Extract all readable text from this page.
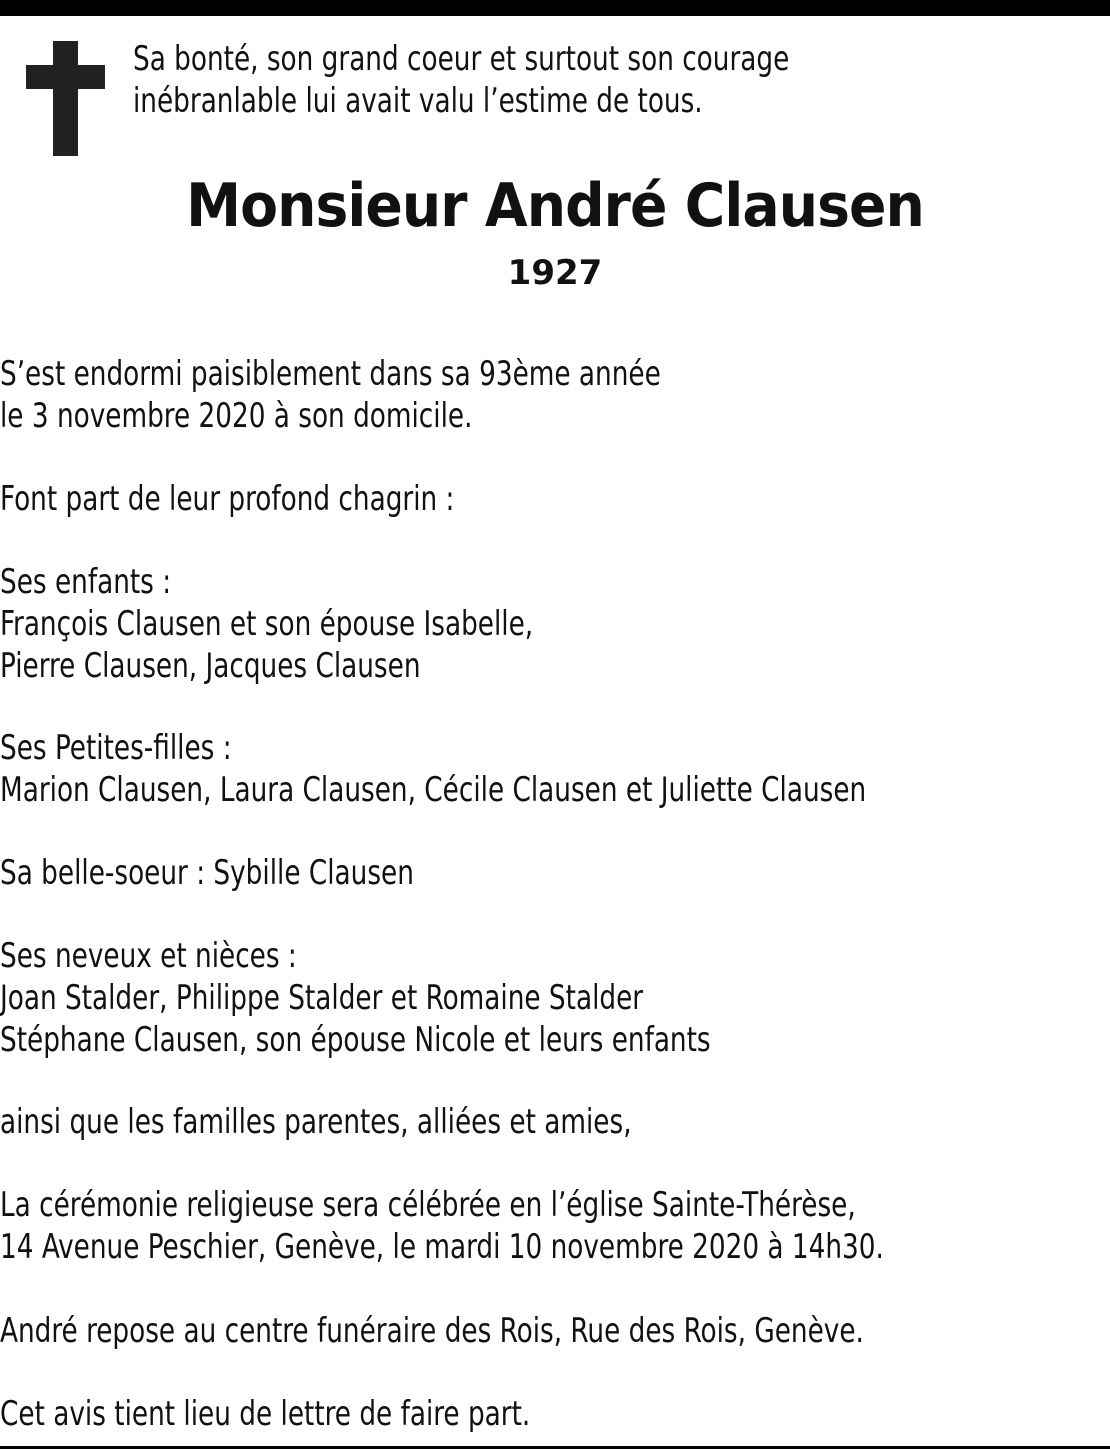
Sa bonté, son grand coeur et surtout son courage
inébranlable lui avait valu l’estime de tous.
Monsieur André Clausen
1927
S’est endormi paisiblement dans sa 93ème année
le 3 novembre 2020 à son domicile.
Font part de leur profond chagrin :
Ses enfants :
François Clausen et son épouse Isabelle,
Pierre Clausen, Jacques Clausen
Ses Petites-filles :
Marion Clausen, Laura Clausen, Cécile Clausen et Juliette Clausen
Sa belle-soeur : Sybille Clausen
Ses neveux et nièces :
Joan Stalder, Philippe Stalder et Romaine Stalder
Stéphane Clausen, son épouse Nicole et leurs enfants
ainsi que les familles parentes, alliées et amies,
La cérémonie religieuse sera célébrée en l’église Sainte-Thérèse,
14 Avenue Peschier, Genève, le mardi 10 novembre 2020 à 14h30.
André repose au centre funéraire des Rois, Rue des Rois, Genève.
Cet avis tient lieu de lettre de faire part.
